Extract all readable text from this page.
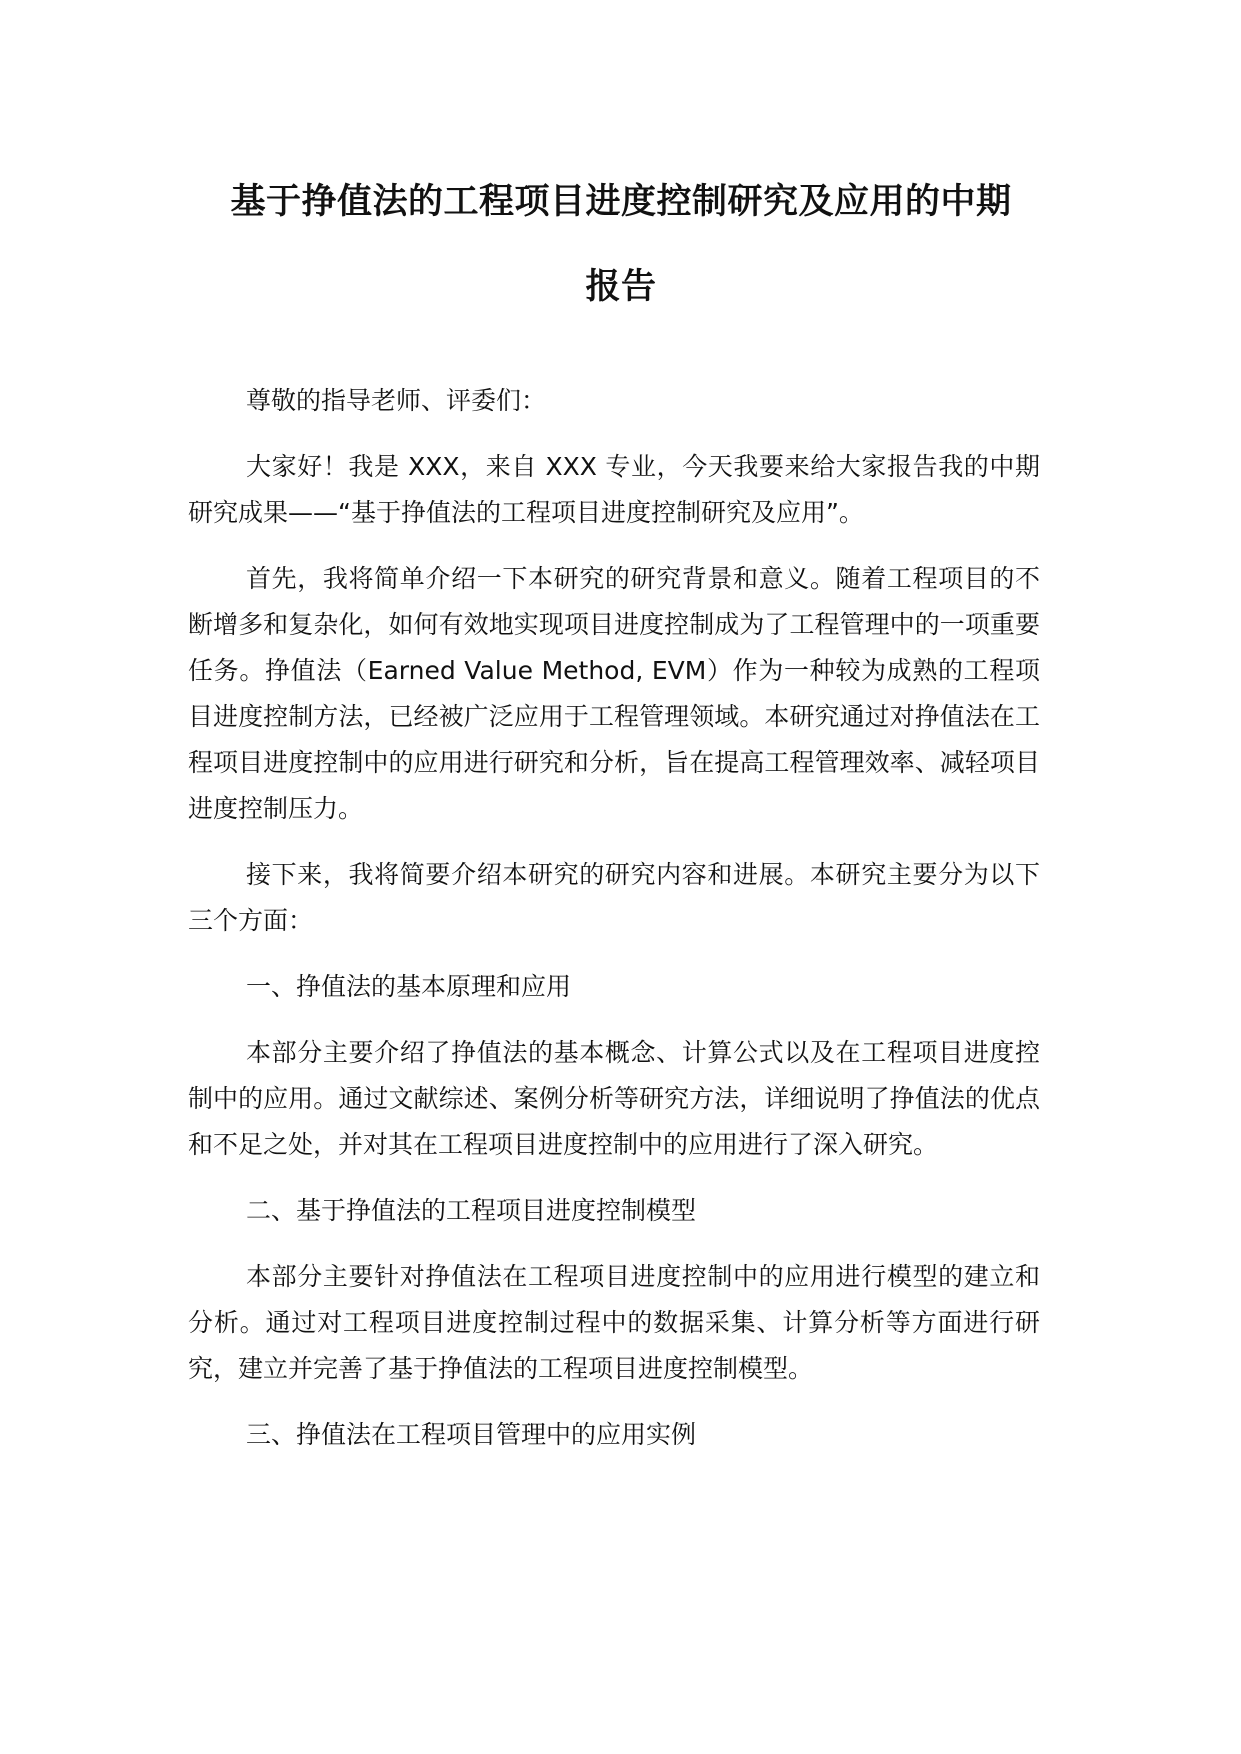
基于挣值法的工程项目进度控制研究及应用的中期
报告

尊敬的指导老师、评委们：

大家好！我是 XXX，来自 XXX 专业，今天我要来给大家报告我的中期研究成果——“基于挣值法的工程项目进度控制研究及应用”。

首先，我将简单介绍一下本研究的研究背景和意义。随着工程项目的不断增多和复杂化，如何有效地实现项目进度控制成为了工程管理中的一项重要任务。挣值法（Earned Value Method, EVM）作为一种较为成熟的工程项目进度控制方法，已经被广泛应用于工程管理领域。本研究通过对挣值法在工程项目进度控制中的应用进行研究和分析，旨在提高工程管理效率、减轻项目进度控制压力。

接下来，我将简要介绍本研究的研究内容和进展。本研究主要分为以下三个方面：

一、挣值法的基本原理和应用

本部分主要介绍了挣值法的基本概念、计算公式以及在工程项目进度控制中的应用。通过文献综述、案例分析等研究方法，详细说明了挣值法的优点和不足之处，并对其在工程项目进度控制中的应用进行了深入研究。

二、基于挣值法的工程项目进度控制模型

本部分主要针对挣值法在工程项目进度控制中的应用进行模型的建立和分析。通过对工程项目进度控制过程中的数据采集、计算分析等方面进行研究，建立并完善了基于挣值法的工程项目进度控制模型。

三、挣值法在工程项目管理中的应用实例
